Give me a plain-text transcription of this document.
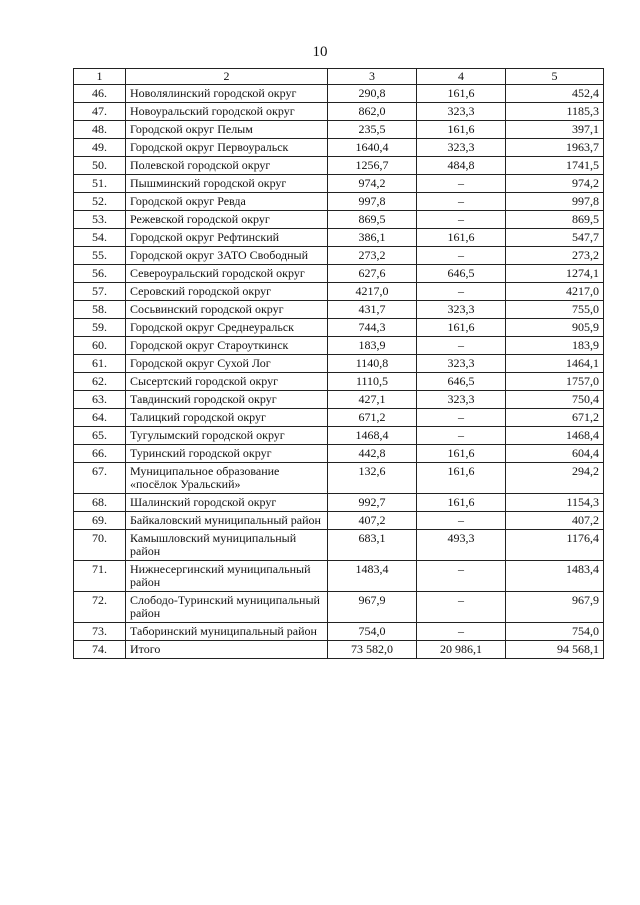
10
1	2	3	4	5
46.	Новолялинский городской округ	290,8	161,6	452,4
47.	Новоуральский городской округ	862,0	323,3	1185,3
48.	Городской округ Пелым	235,5	161,6	397,1
49.	Городской округ Первоуральск	1640,4	323,3	1963,7
50.	Полевской городской округ	1256,7	484,8	1741,5
51.	Пышминский городской округ	974,2	–	974,2
52.	Городской округ Ревда	997,8	–	997,8
53.	Режевской городской округ	869,5	–	869,5
54.	Городской округ Рефтинский	386,1	161,6	547,7
55.	Городской округ ЗАТО Свободный	273,2	–	273,2
56.	Североуральский городской округ	627,6	646,5	1274,1
57.	Серовский городской округ	4217,0	–	4217,0
58.	Сосьвинский городской округ	431,7	323,3	755,0
59.	Городской округ Среднеуральск	744,3	161,6	905,9
60.	Городской округ Староуткинск	183,9	–	183,9
61.	Городской округ Сухой Лог	1140,8	323,3	1464,1
62.	Сысертский городской округ	1110,5	646,5	1757,0
63.	Тавдинский городской округ	427,1	323,3	750,4
64.	Талицкий городской округ	671,2	–	671,2
65.	Тугулымский городской округ	1468,4	–	1468,4
66.	Туринский городской округ	442,8	161,6	604,4
67.	Муниципальное образование «посёлок Уральский»	132,6	161,6	294,2
68.	Шалинский городской округ	992,7	161,6	1154,3
69.	Байкаловский муниципальный район	407,2	–	407,2
70.	Камышловский муниципальный район	683,1	493,3	1176,4
71.	Нижнесергинский муниципальный район	1483,4	–	1483,4
72.	Слободо-Туринский муниципальный район	967,9	–	967,9
73.	Таборинский муниципальный район	754,0	–	754,0
74.	Итого	73 582,0	20 986,1	94 568,1
